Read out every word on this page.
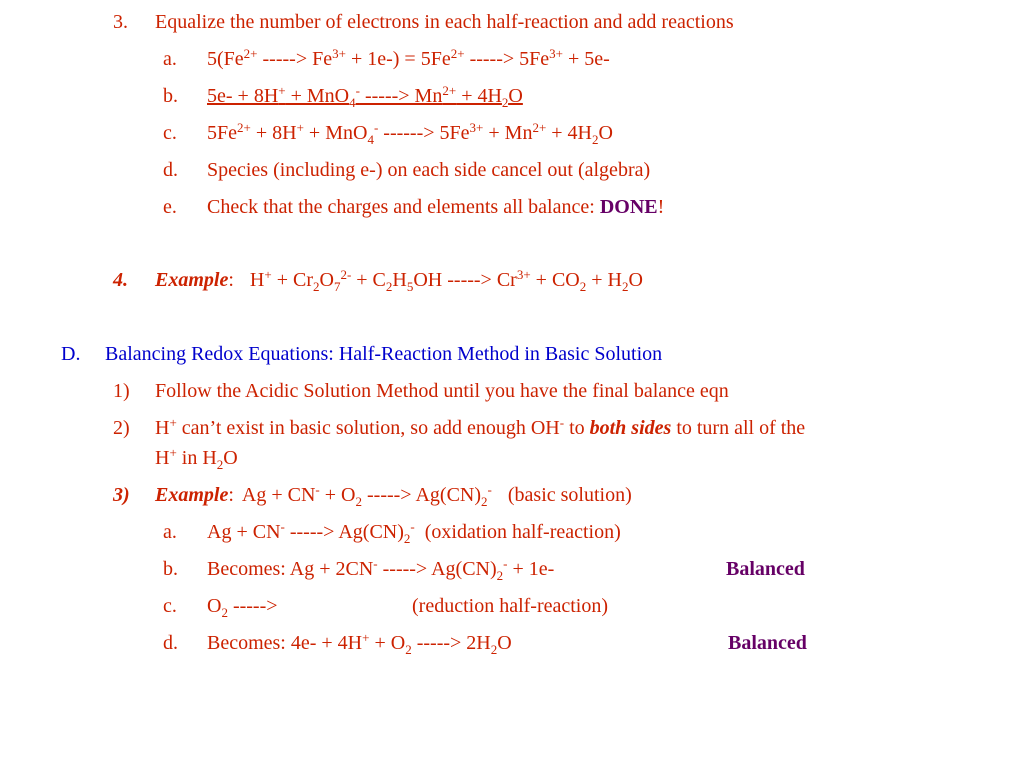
3. Equalize the number of electrons in each half-reaction and add reactions
a. $5(Fe^{2+}$ -----> $Fe^{3+} + 1e-) = 5Fe^{2+}$ -----> $5Fe^{3+} + 5e-$
b. 5e- + 8H+ + MnO$_4$- -----> $Mn^{2+} + 4H_2O$
c. $5Fe^{2+} + 8H^+ + MnO_4^-$ ------> $5Fe^{3+} + Mn^{2+} + 4H_2O$
d. Species (including e-) on each side cancel out (algebra)
e. Check that the charges and elements all balance: DONE!
4. Example: $H^+ + Cr_2O_7^{2-} + C_2H_5OH$ -----> $Cr^{3+} + CO_2 + H_2O$
D. Balancing Redox Equations: Half-Reaction Method in Basic Solution
1) Follow the Acidic Solution Method until you have the final balance eqn
2) H+ can’t exist in basic solution, so add enough OH- to both sides to turn all of the
H+ in $H_2O$
3) Example: $Ag + CN^- + O_2$ -----> $Ag(CN)_2^-$ (basic solution)
a. Ag + CN- -----> $Ag(CN)_2^-$ (oxidation half-reaction)
b. Becomes: Ag + 2CN- -----> $Ag(CN)_2^- + 1e-$	Balanced
c. $O_2$ ----->	(reduction half-reaction)
d. Becomes: $4e- + 4H^+ + O_2$ -----> $2H_2O$	Balanced
